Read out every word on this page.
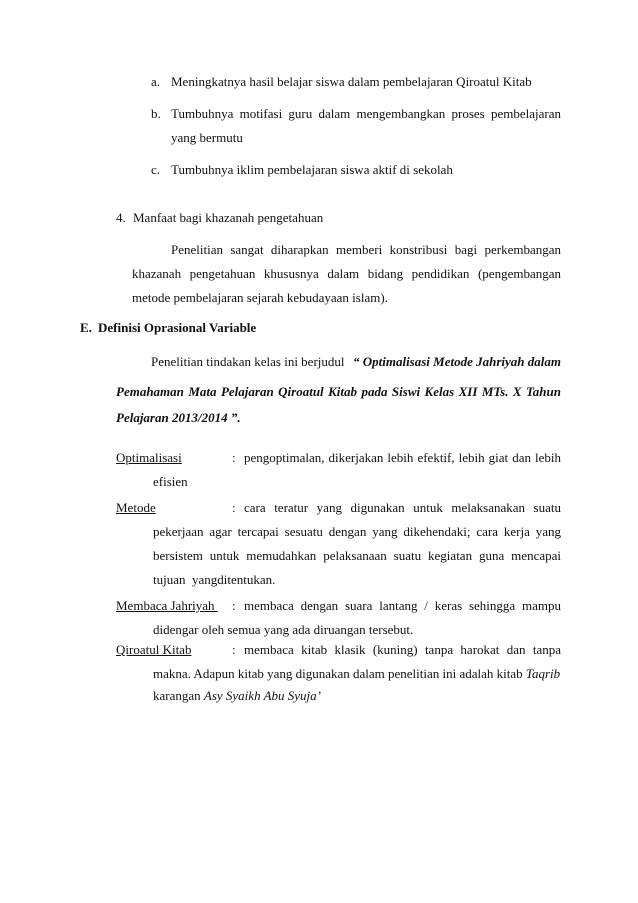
a. Meningkatnya hasil belajar siswa dalam pembelajaran Qiroatul Kitab
b. Tumbuhnya motifasi guru dalam mengembangkan proses pembelajaran
yang bermutu
c. Tumbuhnya iklim pembelajaran siswa aktif di sekolah
4. Manfaat bagi khazanah pengetahuan
Penelitian sangat diharapkan memberi konstribusi bagi perkembangan
khazanah pengetahuan khususnya dalam bidang pendidikan (pengembangan
metode pembelajaran sejarah kebudayaan islam).
E. Definisi Oprasional Variable
Penelitian tindakan kelas ini berjudul “ Optimalisasi Metode Jahriyah dalam
Pemahaman Mata Pelajaran Qiroatul Kitab pada Siswi Kelas XII MTs. X Tahun
Pelajaran 2013/2014 ”.
Optimalisasi	: pengoptimalan, dikerjakan lebih efektif, lebih giat dan lebih
efisien
Metode	: cara teratur yang digunakan untuk melaksanakan suatu
pekerjaan agar tercapai sesuatu dengan yang dikehendaki; cara kerja yang
bersistem untuk memudahkan pelaksanaan suatu kegiatan guna mencapai
tujuan  yangditentukan.
Membaca Jahriyah : membaca dengan suara lantang / keras sehingga mampu
didengar oleh semua yang ada diruangan tersebut.
Qiroatul Kitab	: membaca kitab klasik (kuning) tanpa harokat dan tanpa
makna. Adapun kitab yang digunakan dalam penelitian ini adalah kitab Taqrib
karangan Asy Syaikh Abu Syuja’
